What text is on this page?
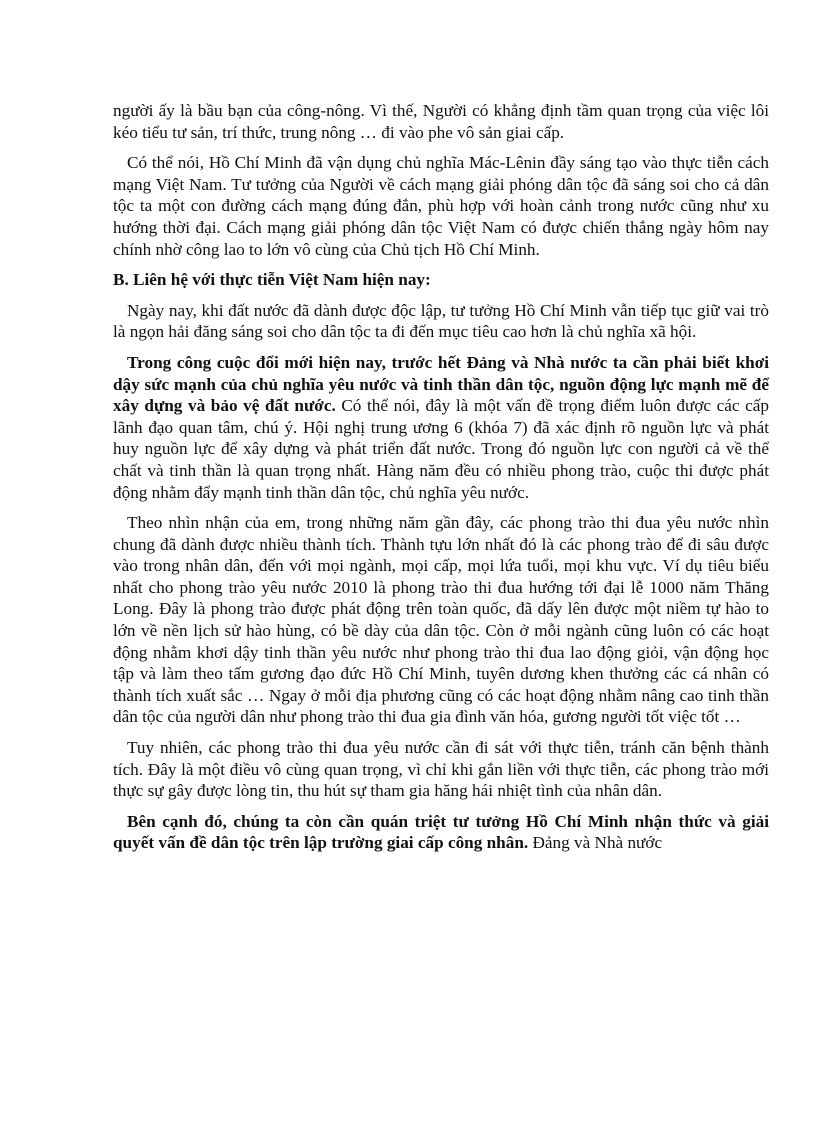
người ấy là bầu bạn của công-nông. Vì thế, Người có khẳng định tầm quan trọng của việc lôi kéo tiểu tư sản, trí thức, trung nông … đi vào phe vô sản giai cấp.

Có thể nói, Hồ Chí Minh đã vận dụng chủ nghĩa Mác-Lênin đầy sáng tạo vào thực tiễn cách mạng Việt Nam. Tư tưởng của Người về cách mạng giải phóng dân tộc đã sáng soi cho cả dân tộc ta một con đường cách mạng đúng đắn, phù hợp với hoàn cảnh trong nước cũng như xu hướng thời đại. Cách mạng giải phóng dân tộc Việt Nam có được chiến thắng ngày hôm nay chính nhờ công lao to lớn vô cùng của Chủ tịch Hồ Chí Minh.

B. Liên hệ với thực tiễn Việt Nam hiện nay:

Ngày nay, khi đất nước đã dành được độc lập, tư tưởng Hồ Chí Minh vẫn tiếp tục giữ vai trò là ngọn hải đăng sáng soi cho dân tộc ta đi đến mục tiêu cao hơn là chủ nghĩa xã hội.

Trong công cuộc đổi mới hiện nay, trước hết Đảng và Nhà nước ta cần phải biết khơi dậy sức mạnh của chủ nghĩa yêu nước và tinh thần dân tộc, nguồn động lực mạnh mẽ để xây dựng và bảo vệ đất nước. Có thể nói, đây là một vấn đề trọng điểm luôn được các cấp lãnh đạo quan tâm, chú ý. Hội nghị trung ương 6 (khóa 7) đã xác định rõ nguồn lực và phát huy nguồn lực để xây dựng và phát triển đất nước. Trong đó nguồn lực con người cả về thể chất và tinh thần là quan trọng nhất. Hàng năm đều có nhiều phong trào, cuộc thi được phát động nhằm đẩy mạnh tinh thần dân tộc, chủ nghĩa yêu nước.

Theo nhìn nhận của em, trong những năm gần đây, các phong trào thi đua yêu nước nhìn chung đã dành được nhiều thành tích. Thành tựu lớn nhất đó là các phong trào để đi sâu được vào trong nhân dân, đến với mọi ngành, mọi cấp, mọi lứa tuổi, mọi khu vực. Ví dụ tiêu biểu nhất cho phong trào yêu nước 2010 là phong trào thi đua hướng tới đại lễ 1000 năm Thăng Long. Đây là phong trào được phát động trên toàn quốc, đã dấy lên được một niềm tự hào to lớn về nền lịch sử hào hùng, có bề dày của dân tộc. Còn ở mỗi ngành cũng luôn có các hoạt động nhằm khơi dậy tinh thần yêu nước như phong trào thi đua lao động giỏi, vận động học tập và làm theo tấm gương đạo đức Hồ Chí Minh, tuyên dương khen thưởng các cá nhân có thành tích xuất sắc … Ngay ở mỗi địa phương cũng có các hoạt động nhằm nâng cao tinh thần dân tộc của người dân như phong trào thi đua gia đình văn hóa, gương người tốt việc tốt …

Tuy nhiên, các phong trào thi đua yêu nước cần đi sát với thực tiễn, tránh căn bệnh thành tích. Đây là một điều vô cùng quan trọng, vì chỉ khi gắn liền với thực tiễn, các phong trào mới thực sự gây được lòng tin, thu hút sự tham gia hăng hái nhiệt tình của nhân dân.

Bên cạnh đó, chúng ta còn cần quán triệt tư tưởng Hồ Chí Minh nhận thức và giải quyết vấn đề dân tộc trên lập trường giai cấp công nhân. Đảng và Nhà nước
